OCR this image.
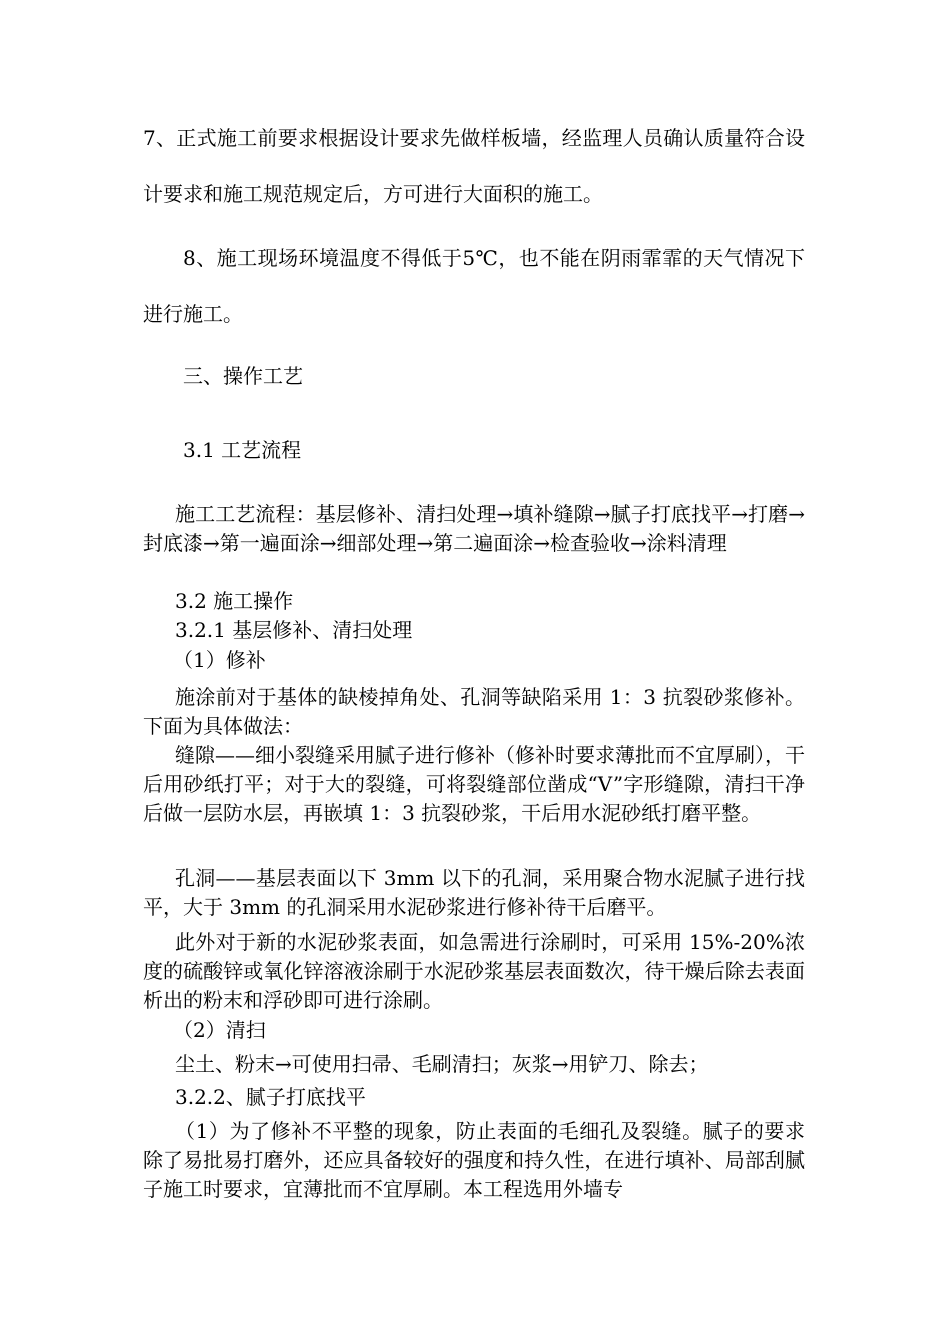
7、正式施工前要求根据设计要求先做样板墙，经监理人员确认质量符合设计要求和施工规范规定后，方可进行大面积的施工。

8、施工现场环境温度不得低于5℃，也不能在阴雨霏霏的天气情况下进行施工。

三、操作工艺

3.1 工艺流程

施工工艺流程：基层修补、清扫处理→填补缝隙→腻子打底找平→打磨→封底漆→第一遍面涂→细部处理→第二遍面涂→检查验收→涂料清理

3.2 施工操作

3.2.1 基层修补、清扫处理

（1）修补

施涂前对于基体的缺棱掉角处、孔洞等缺陷采用 1：3 抗裂砂浆修补。下面为具体做法：

缝隙——细小裂缝采用腻子进行修补（修补时要求薄批而不宜厚刷），干后用砂纸打平；对于大的裂缝，可将裂缝部位凿成“V”字形缝隙，清扫干净后做一层防水层，再嵌填 1：3 抗裂砂浆，干后用水泥砂纸打磨平整。

孔洞——基层表面以下 3mm 以下的孔洞，采用聚合物水泥腻子进行找平，大于 3mm 的孔洞采用水泥砂浆进行修补待干后磨平。

此外对于新的水泥砂浆表面，如急需进行涂刷时，可采用 15%-20%浓度的硫酸锌或氧化锌溶液涂刷于水泥砂浆基层表面数次，待干燥后除去表面析出的粉末和浮砂即可进行涂刷。

（2）清扫

尘土、粉末→可使用扫帚、毛刷清扫；灰浆→用铲刀、除去；

3.2.2、腻子打底找平

（1）为了修补不平整的现象，防止表面的毛细孔及裂缝。腻子的要求除了易批易打磨外，还应具备较好的强度和持久性，在进行填补、局部刮腻子施工时要求，宜薄批而不宜厚刷。本工程选用外墙专
